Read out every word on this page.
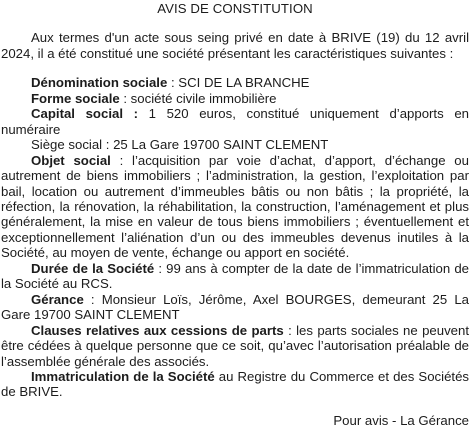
AVIS DE CONSTITUTION

Aux termes d'un acte sous seing privé en date à BRIVE (19) du 12 avril 2024, il a été constitué une société présentant les caractéristiques suivantes :

Dénomination sociale : SCI DE LA BRANCHE

Forme sociale : société civile immobilière

Capital social : 1 520 euros, constitué uniquement d’apports en numéraire

Siège social : 25 La Gare 19700 SAINT CLEMENT

Objet social : l’acquisition par voie d’achat, d’apport, d’échange ou autrement de biens immobiliers ; l’administration, la gestion, l’exploitation par bail, location ou autrement d’immeubles bâtis ou non bâtis ; la propriété, la réfection, la rénovation, la réhabilitation, la construction, l’aménagement et plus généralement, la mise en valeur de tous biens immobiliers ; éventuellement et exceptionnellement l’aliénation d’un ou des immeubles devenus inutiles à la Société, au moyen de vente, échange ou apport en société.

Durée de la Société : 99 ans à compter de la date de l’immatriculation de la Société au RCS.

Gérance : Monsieur Loïs, Jérôme, Axel BOURGES, demeurant 25 La Gare 19700 SAINT CLEMENT

Clauses relatives aux cessions de parts : les parts sociales ne peuvent être cédées à quelque personne que ce soit, qu’avec l’autorisation préalable de l’assemblée générale des associés.

Immatriculation de la Société au Registre du Commerce et des Sociétés de BRIVE.

Pour avis - La Gérance
